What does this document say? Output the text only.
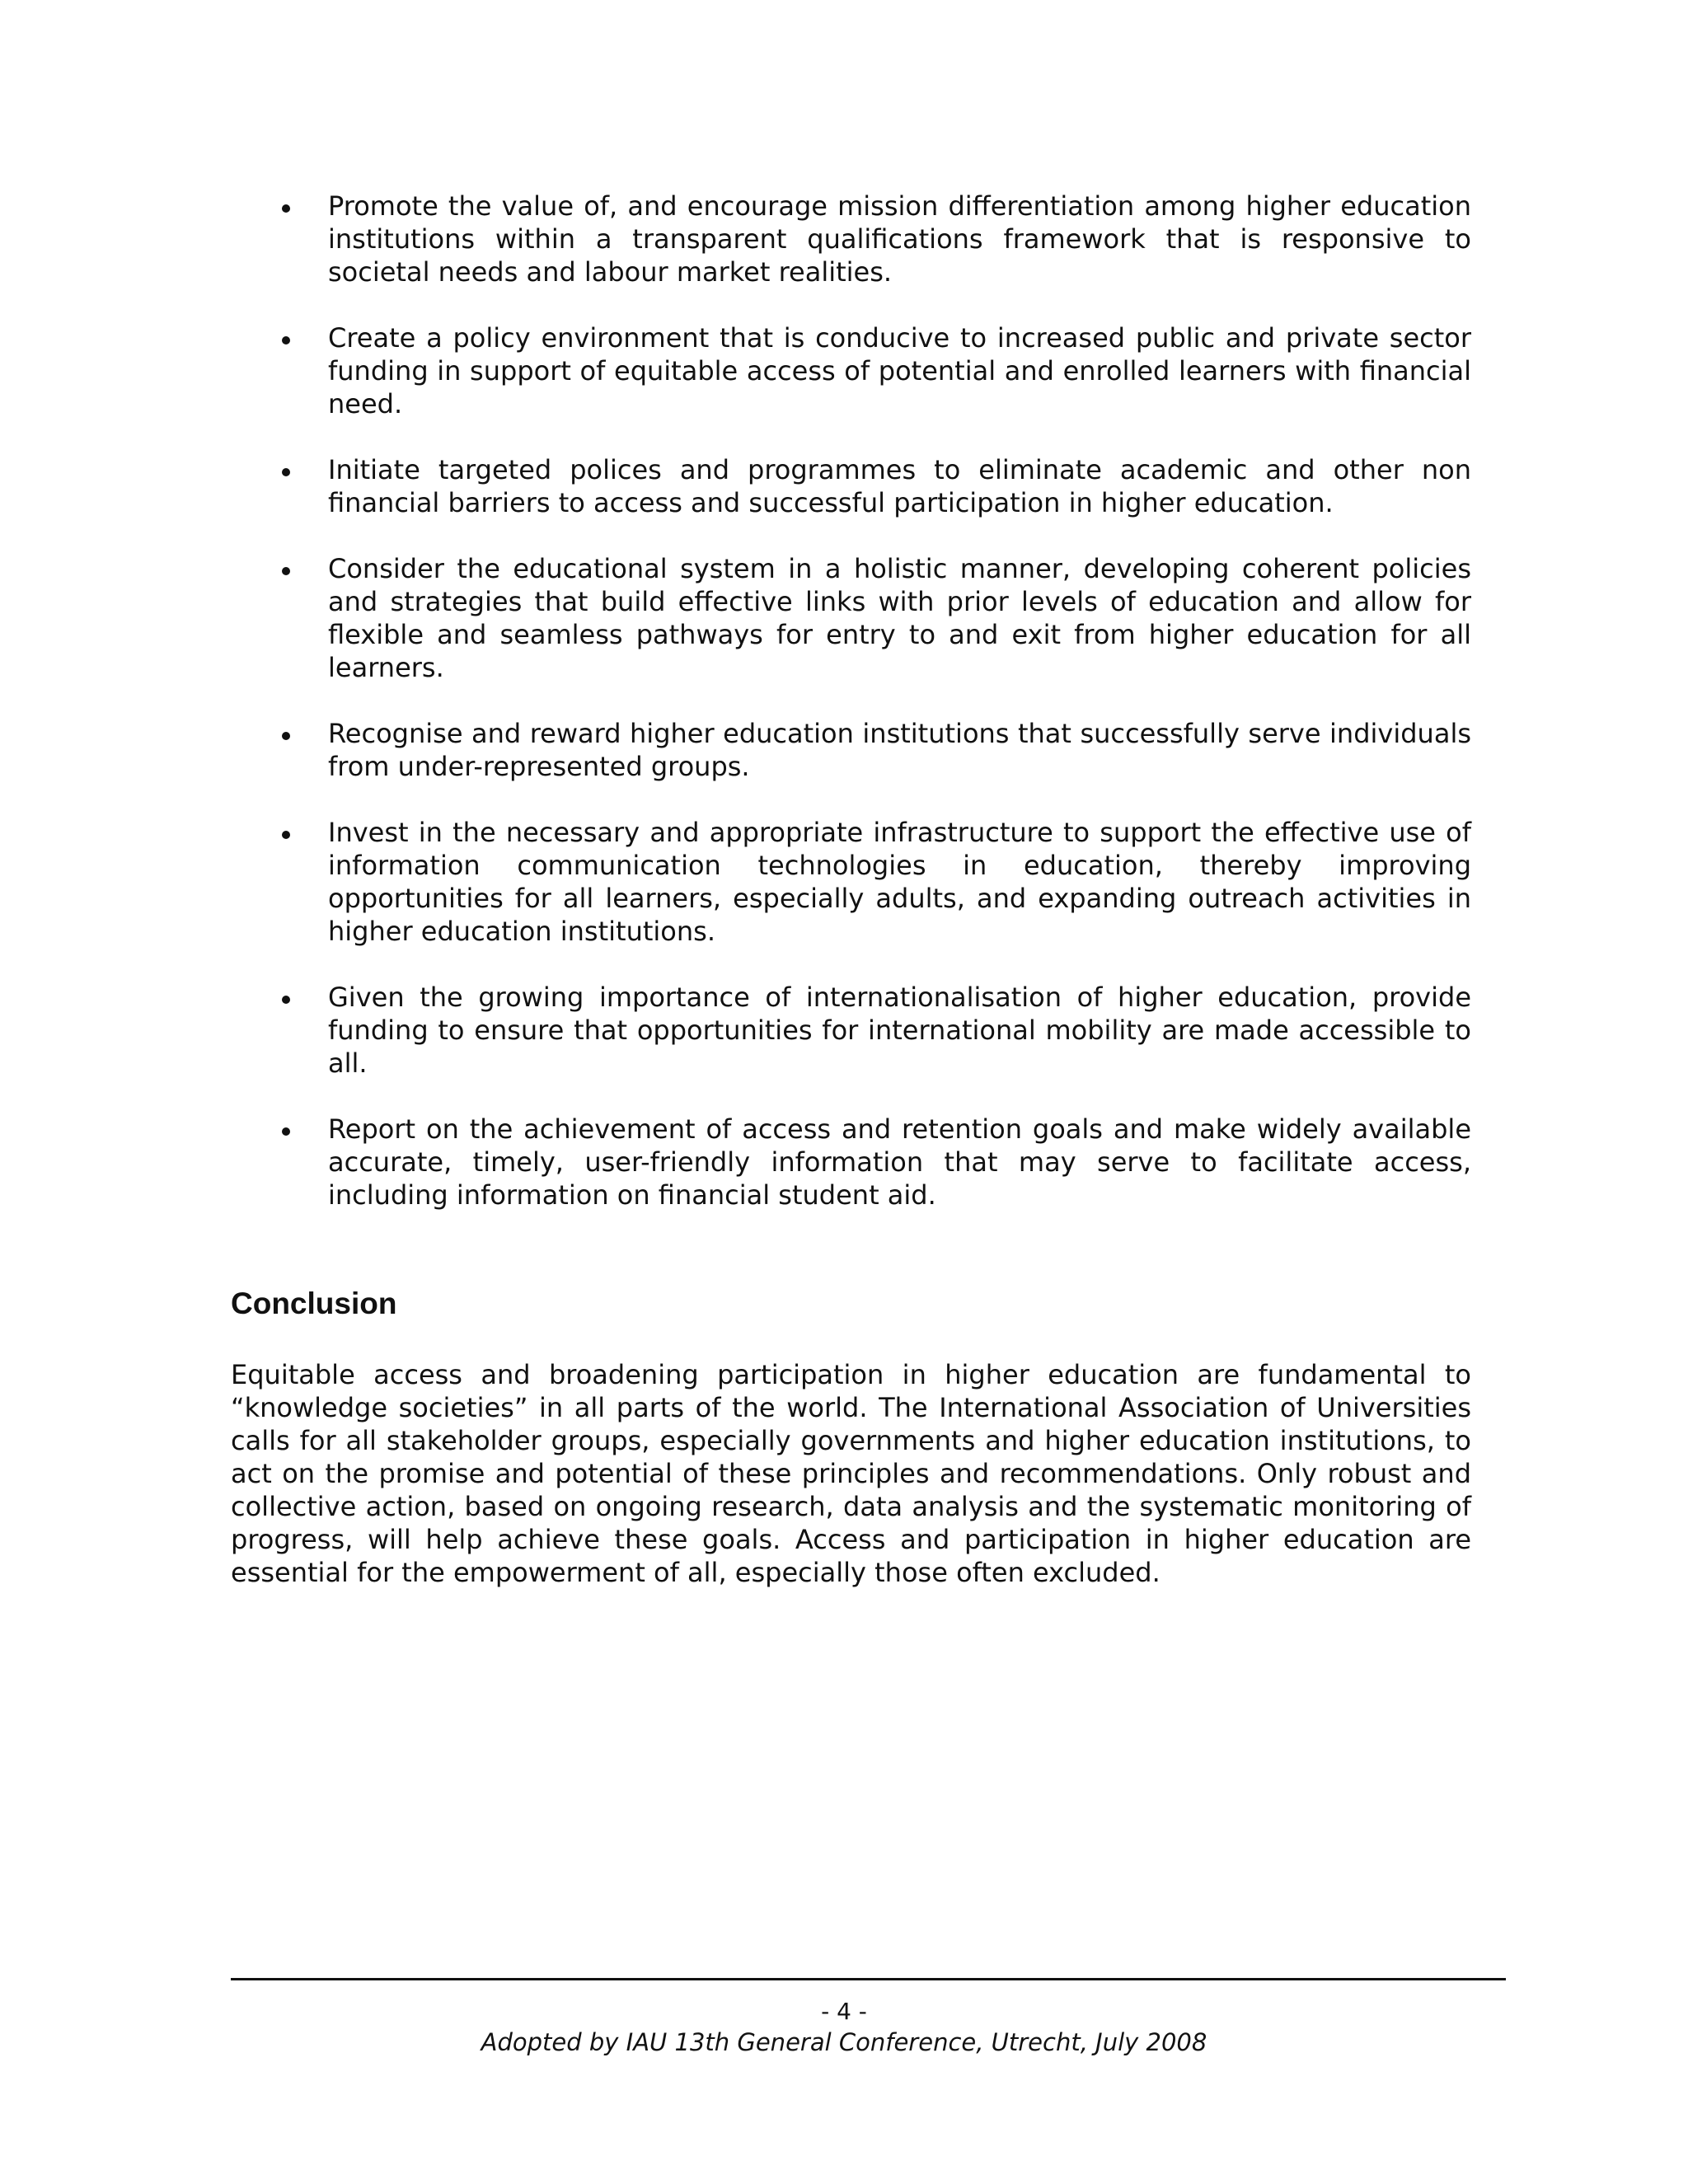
Promote the value of, and encourage mission differentiation among higher education institutions within a transparent qualifications framework that is responsive to societal needs and labour market realities.
Create a policy environment that is conducive to increased public and private sector funding in support of equitable access of potential and enrolled learners with financial need.
Initiate targeted polices and programmes to eliminate academic and other non financial barriers to access and successful participation in higher education.
Consider the educational system in a holistic manner, developing coherent policies and strategies that build effective links with prior levels of education and allow for flexible and seamless pathways for entry to and exit from higher education for all learners.
Recognise and reward higher education institutions that successfully serve individuals from under-represented groups.
Invest in the necessary and appropriate infrastructure to support the effective use of information communication technologies in education, thereby improving opportunities for all learners, especially adults, and expanding outreach activities in higher education institutions.
Given the growing importance of internationalisation of higher education, provide funding to ensure that opportunities for international mobility are made accessible to all.
Report on the achievement of access and retention goals and make widely available accurate, timely, user-friendly information that may serve to facilitate access, including information on financial student aid.
Conclusion

Equitable access and broadening participation in higher education are fundamental to “knowledge societies” in all parts of the world. The International Association of Universities calls for all stakeholder groups, especially governments and higher education institutions, to act on the promise and potential of these principles and recommendations. Only robust and collective action, based on ongoing research, data analysis and the systematic monitoring of progress, will help achieve these goals. Access and participation in higher education are essential for the empowerment of all, especially those often excluded.

- 4 -
Adopted by IAU 13th General Conference, Utrecht, July 2008
